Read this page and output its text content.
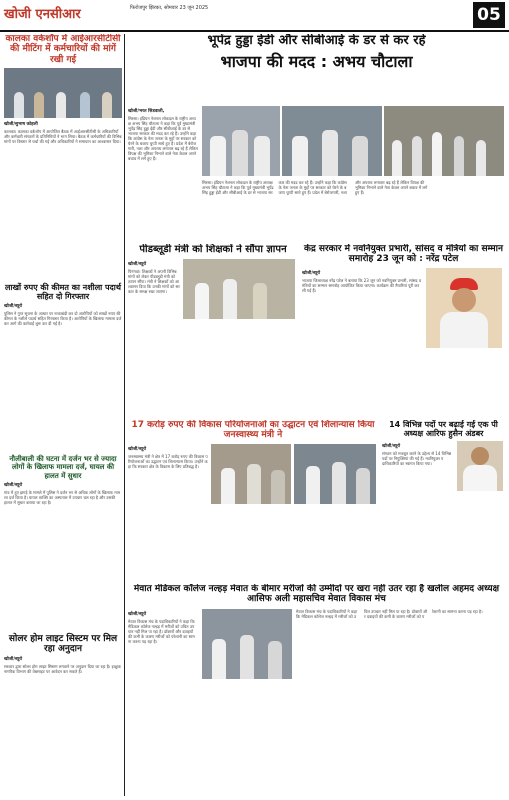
खोजी एनसीआर	फिरोजपुर झिरका, सोमवार 23 जून 2025	05

कालका वर्कशॉप में आईआरसीटीसी की मीटिंग में कर्मचारियों की मांगें रखी गई

खोजी/सुभाष कोहली

कालका। कालका वर्कशॉप में आयोजित बैठक में आईआरसीटीसी के अधिकारियों और कर्मचारी संगठनों के प्रतिनिधियों ने भाग लिया। बैठक में कर्मचारियों की विभिन्न मांगों पर विस्तार से चर्चा की गई और अधिकारियों ने समाधान का आश्वासन दिया।

लाखों रुपए की कीमत का नशीला पदार्थ सहित दो गिरफ्तार

खोजी/ब्यूरो

पुलिस ने गुप्त सूचना के आधार पर नाकाबंदी कर दो आरोपियों को लाखों रुपए की कीमत के नशीले पदार्थ सहित गिरफ्तार किया है। आरोपियों के खिलाफ मामला दर्ज कर आगे की कार्रवाई शुरू कर दी गई है।

नौलीबाली की घटना में दर्जन भर से ज्यादा लोगों के खिलाफ मामला दर्ज, घायल की हालत में सुधार

खोजी/ब्यूरो

गांव में हुए झगड़े के मामले में पुलिस ने दर्जन भर से अधिक लोगों के खिलाफ मामला दर्ज किया है। घायल व्यक्ति का अस्पताल में उपचार चल रहा है और उसकी हालत में सुधार बताया जा रहा है।

सोलर होम लाइट सिस्टम पर मिल रहा अनुदान

खोजी/ब्यूरो

सरकार द्वारा सोलर होम लाइट सिस्टम लगवाने पर अनुदान दिया जा रहा है। इच्छुक नागरिक विभाग की वेबसाइट पर आवेदन कर सकते हैं।

भूपेंद्र हुड्डा ईडी और सीबीआई के डर से कर रहे

भाजपा की मदद : अभय चौटाला

खोजी/भरत सिडवाली,

सिरसा। इंडियन नेशनल लोकदल के राष्ट्रीय अध्यक्ष अभय सिंह चौटाला ने कहा कि पूर्व मुख्यमंत्री भूपेंद्र सिंह हुड्डा ईडी और सीबीआई के डर से भाजपा सरकार की मदद कर रहे हैं। उन्होंने कहा कि कांग्रेस के नेता जनता के मुद्दों पर सरकार को घेरने के बजाय चुप्पी साधे हुए हैं। प्रदेश में बेरोजगारी, नशा और अपराध लगातार बढ़ रहे हैं लेकिन विपक्ष की भूमिका निभाने वाले नेता केवल अपने बचाव में लगे हुए हैं।

सिरसा। इंडियन नेशनल लोकदल के राष्ट्रीय अध्यक्ष अभय सिंह चौटाला ने कहा कि पूर्व मुख्यमंत्री भूपेंद्र सिंह हुड्डा ईडी और सीबीआई के डर से भाजपा सरकार की मदद कर रहे हैं। उन्होंने कहा कि कांग्रेस के नेता जनता के मुद्दों पर सरकार को घेरने के बजाय चुप्पी साधे हुए हैं। प्रदेश में बेरोजगारी, नशा और अपराध लगातार बढ़ रहे हैं लेकिन विपक्ष की भूमिका निभाने वाले नेता केवल अपने बचाव में लगे हुए हैं।

पीडब्लूडी मंत्री को शिक्षकों ने सौंपा ज्ञापन

खोजी/ब्यूरो

पिनंगवां। शिक्षकों ने अपनी विभिन्न मांगों को लेकर पीडब्लूडी मंत्री को ज्ञापन सौंपा। मंत्री ने शिक्षकों को आश्वासन दिया कि उनकी मांगों को सरकार के समक्ष रखा जाएगा।

केंद्र सरकार में नवनियुक्त प्रभारी, सांसद व मंत्रियों का सम्मान समारोह 23 जून को : नरेंद्र पटेल

खोजी/ब्यूरो

भाजपा जिलाध्यक्ष नरेंद्र पटेल ने बताया कि 23 जून को नवनियुक्त प्रभारी, सांसद व मंत्रियों का सम्मान समारोह आयोजित किया जाएगा। कार्यक्रम की तैयारियां पूरी कर ली गई हैं।

17 करोड़ रुपए की विकास परियोजनाओं का उद्घाटन एवं शिलान्यास किया जनस्वास्थ्य मंत्री ने

खोजी/ब्यूरो

जनस्वास्थ्य मंत्री ने क्षेत्र में 17 करोड़ रुपए की विकास परियोजनाओं का उद्घाटन एवं शिलान्यास किया। उन्होंने कहा कि सरकार क्षेत्र के विकास के लिए प्रतिबद्ध है।

14 विभिन्न पदों पर बढ़ाई गई एक पी अध्यक्ष आरिफ हुसैन अंडबर

खोजी/ब्यूरो

संगठन को मजबूत करने के उद्देश्य से 14 विभिन्न पदों पर नियुक्तियां की गई हैं। नवनियुक्त पदाधिकारियों का स्वागत किया गया।

मेवात मेडिकल कॉलेज नल्हड़ मेवात के बीमार मरीजों की उम्मीदों पर खरा नहीं उतर रहा है खलील अहमद अध्यक्ष आसिफ अली महासचिव मेवात विकास मंच

खोजी/ब्यूरो

मेवात विकास मंच के पदाधिकारियों ने कहा कि मेडिकल कॉलेज नल्हड़ में मरीजों को उचित उपचार नहीं मिल पा रहा है। डॉक्टरों और दवाइयों की कमी के कारण मरीजों को परेशानी का सामना करना पड़ रहा है।

मेवात विकास मंच के पदाधिकारियों ने कहा कि मेडिकल कॉलेज नल्हड़ में मरीजों को उचित उपचार नहीं मिल पा रहा है। डॉक्टरों और दवाइयों की कमी के कारण मरीजों को परेशानी का सामना करना पड़ रहा है।
